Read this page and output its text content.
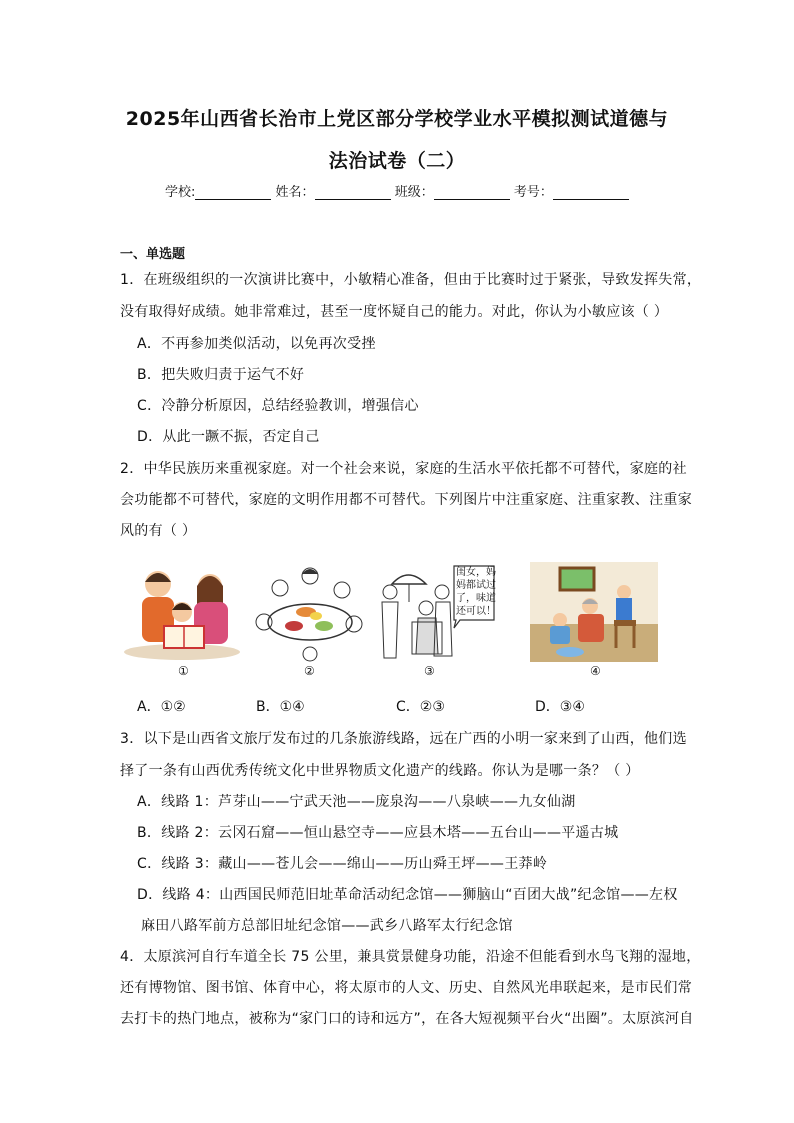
2025年山西省长治市上党区部分学校学业水平模拟测试道德与
法治试卷（二）
学校:	姓名：	班级：	考号：
一、单选题
1．在班级组织的一次演讲比赛中，小敏精心准备，但由于比赛时过于紧张，导致发挥失常，
没有取得好成绩。她非常难过，甚至一度怀疑自己的能力。对此，你认为小敏应该（ ）
A．不再参加类似活动，以免再次受挫
B．把失败归责于运气不好
C．冷静分析原因，总结经验教训，增强信心
D．从此一蹶不振，否定自己
2．中华民族历来重视家庭。对一个社会来说，家庭的生活水平依托都不可替代，家庭的社
会功能都不可替代，家庭的文明作用都不可替代。下列图片中注重家庭、注重家教、注重家
风的有（ ）
①	②
闺女，妈
妈都试过
了，味道
还可以！
③	④
A．①②	B．①④	C．②③	D．③④
3．以下是山西省文旅厅发布过的几条旅游线路，远在广西的小明一家来到了山西，他们选
择了一条有山西优秀传统文化中世界物质文化遗产的线路。你认为是哪一条？（ ）
A．线路 1：芦芽山——宁武天池——庞泉沟——八泉峡——九女仙湖
B．线路 2：云冈石窟——恒山悬空寺——应县木塔——五台山——平遥古城
C．线路 3：藏山——苍儿会——绵山——历山舜王坪——王莽岭
D．线路 4：山西国民师范旧址革命活动纪念馆——狮脑山“百团大战”纪念馆——左权
麻田八路军前方总部旧址纪念馆——武乡八路军太行纪念馆
4．太原滨河自行车道全长 75 公里，兼具赏景健身功能，沿途不但能看到水鸟飞翔的湿地，
还有博物馆、图书馆、体育中心，将太原市的人文、历史、自然风光串联起来，是市民们常
去打卡的热门地点，被称为“家门口的诗和远方”，在各大短视频平台火“出圈”。太原滨河自
